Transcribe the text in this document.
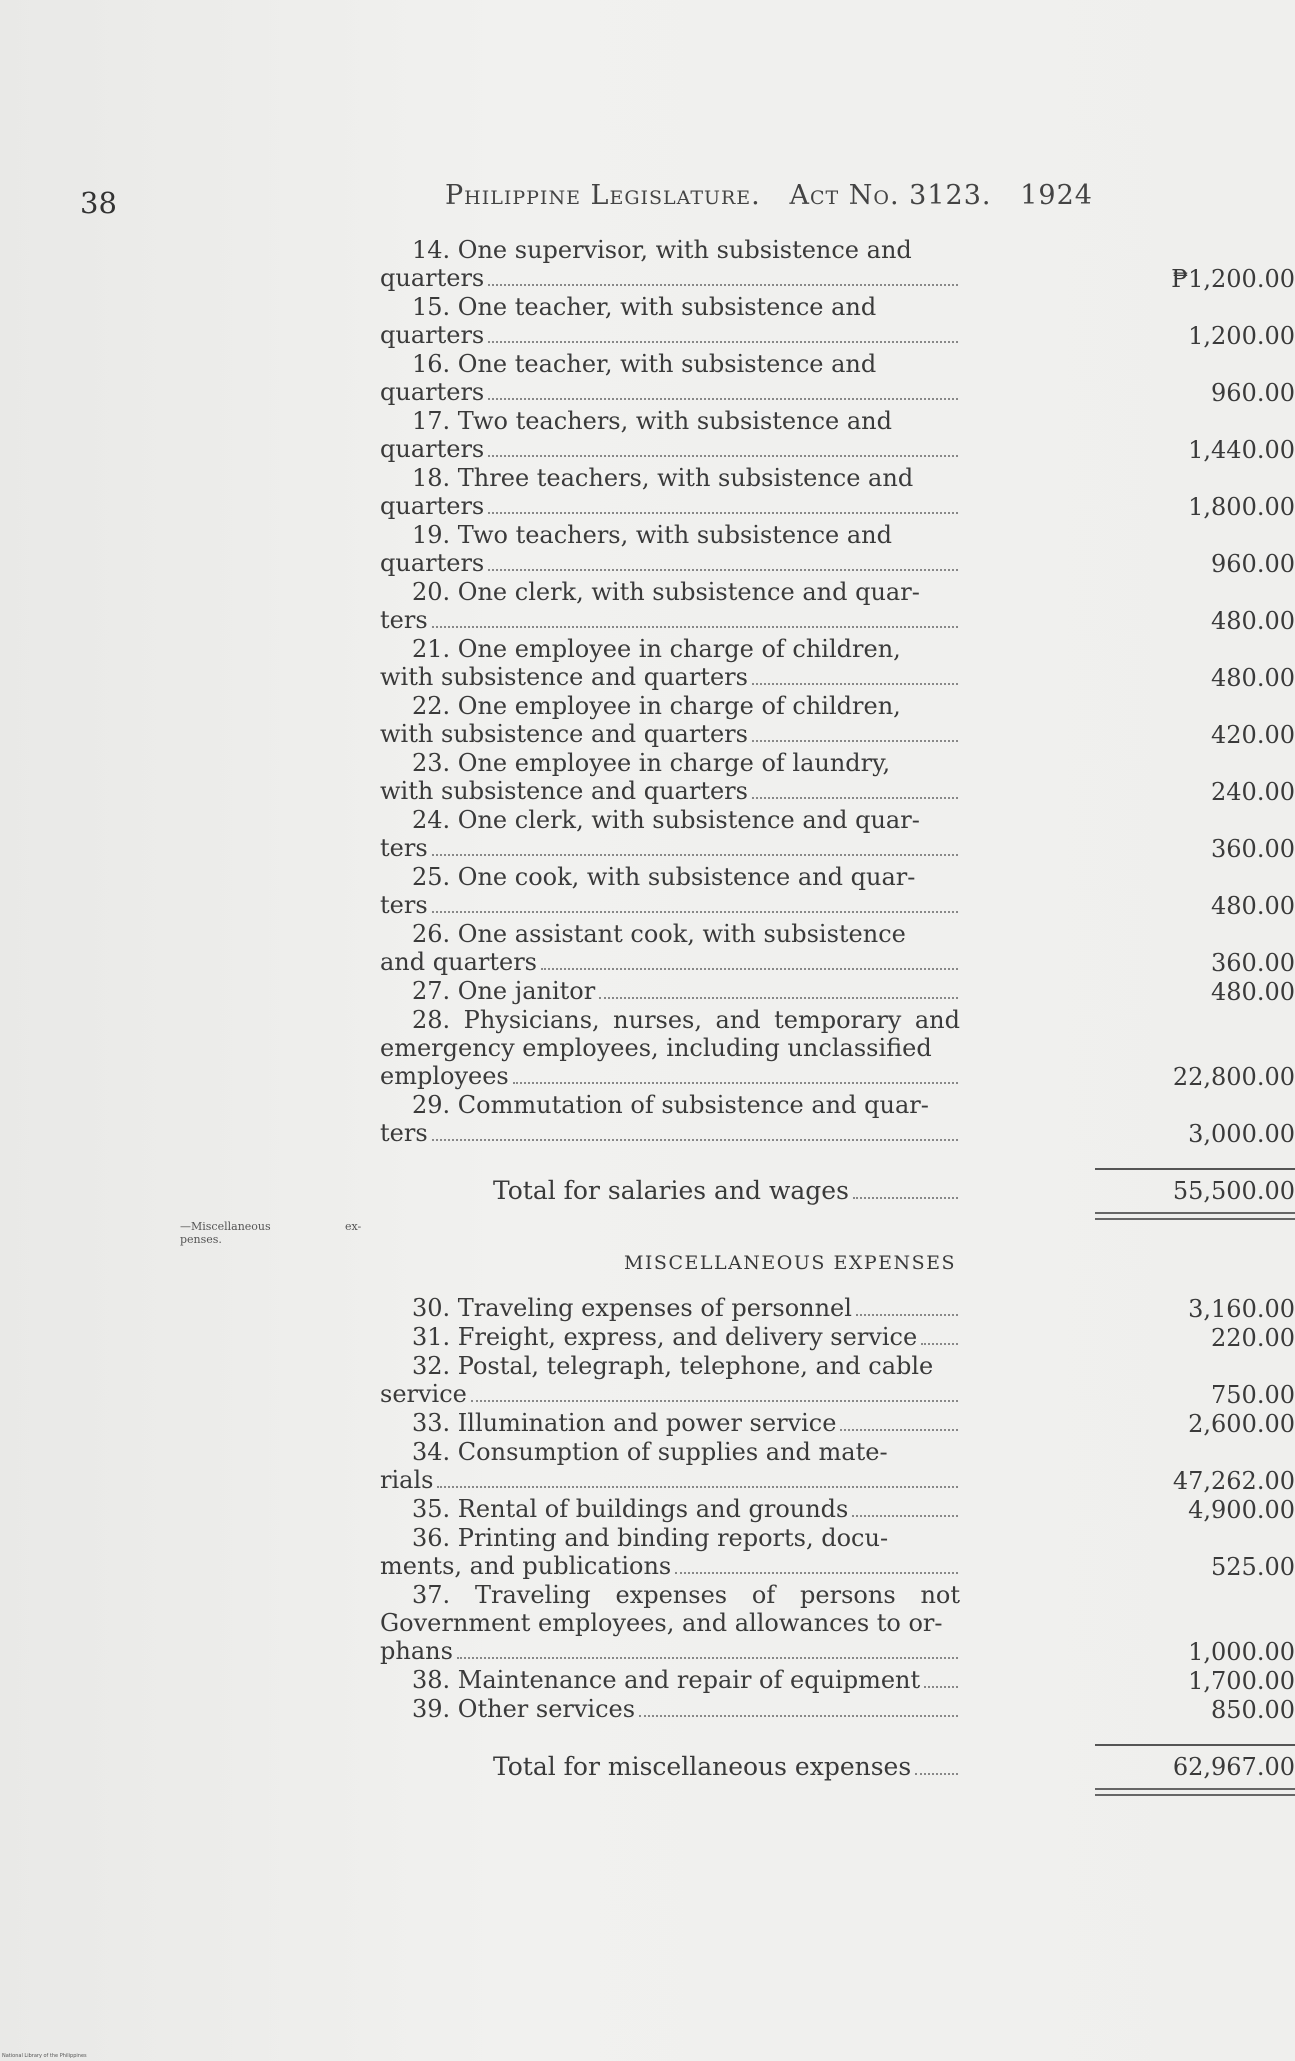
38	Philippine Legislature. Act No. 3123. 1924
—Miscellaneous	ex-
penses.
14. One supervisor, with subsistence and
quarters	₱1,200.00
15. One teacher, with subsistence and
quarters	1,200.00
16. One teacher, with subsistence and
quarters	960.00
17. Two teachers, with subsistence and
quarters	1,440.00
18. Three teachers, with subsistence and
quarters	1,800.00
19. Two teachers, with subsistence and
quarters	960.00
20. One clerk, with subsistence and quar-
ters	480.00
21. One employee in charge of children,
with subsistence and quarters	480.00
22. One employee in charge of children,
with subsistence and quarters	420.00
23. One employee in charge of laundry,
with subsistence and quarters	240.00
24. One clerk, with subsistence and quar-
ters	360.00
25. One cook, with subsistence and quar-
ters	480.00
26. One assistant cook, with subsistence
and quarters	360.00
27. One janitor	480.00
28. Physicians, nurses, and temporary and emergency employees, including unclassified
employees	22,800.00
29. Commutation of subsistence and quar-
ters	3,000.00
Total for salaries and wages	55,500.00
MISCELLANEOUS EXPENSES
30. Traveling expenses of personnel	3,160.00
31. Freight, express, and delivery service	220.00
32. Postal, telegraph, telephone, and cable
service	750.00
33. Illumination and power service	2,600.00
34. Consumption of supplies and mate-
rials	47,262.00
35. Rental of buildings and grounds	4,900.00
36. Printing and binding reports, docu-
ments, and publications	525.00
37. Traveling expenses of persons not Government employees, and allowances to or-
phans	1,000.00
38. Maintenance and repair of equipment	1,700.00
39. Other services	850.00
Total for miscellaneous expenses	62,967.00
National Library of the Philippines
